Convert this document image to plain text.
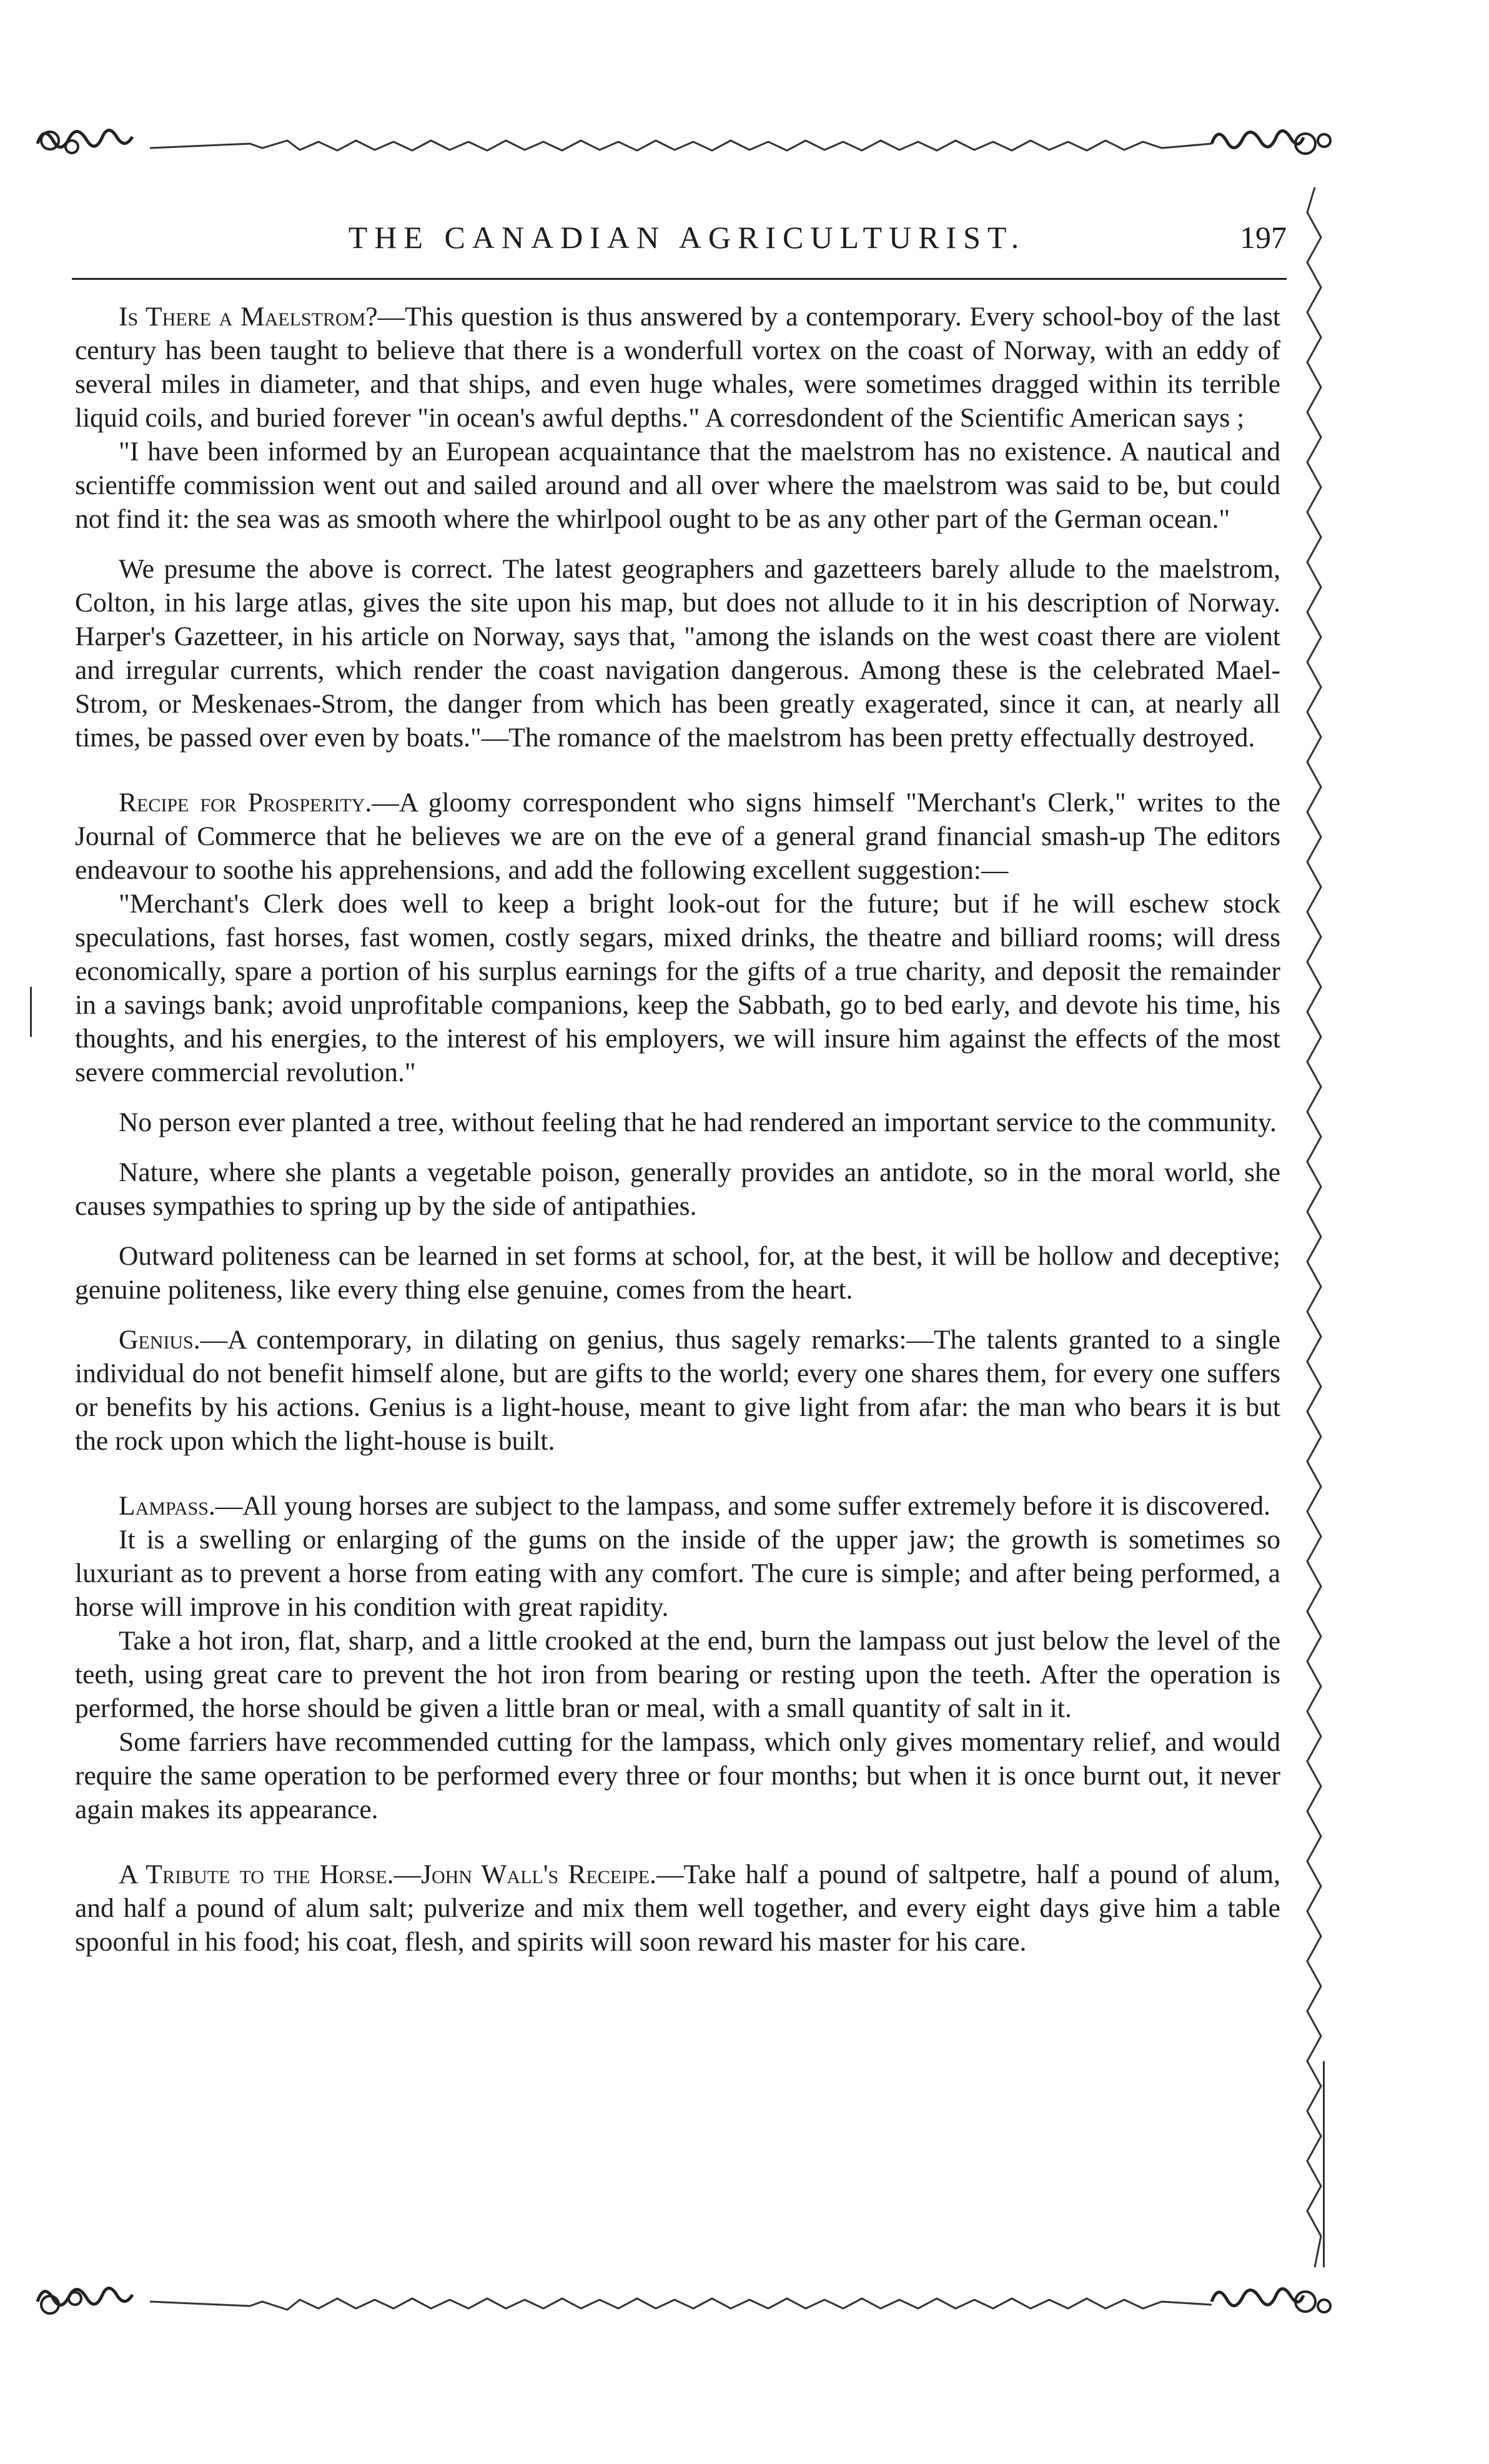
THE CANADIAN AGRICULTURIST.	197

Is There a Maelstrom?—This question is thus answered by a contemporary. Every school-boy of the last century has been taught to believe that there is a wonderfull vortex on the coast of Norway, with an eddy of several miles in diameter, and that ships, and even huge whales, were sometimes dragged within its terrible liquid coils, and buried forever "in ocean's awful depths." A corresdondent of the Scientific American says ;

"I have been informed by an European acquaintance that the maelstrom has no existence. A nautical and scientiffe commission went out and sailed around and all over where the maelstrom was said to be, but could not find it: the sea was as smooth where the whirlpool ought to be as any other part of the German ocean."

We presume the above is correct. The latest geographers and gazetteers barely allude to the maelstrom, Colton, in his large atlas, gives the site upon his map, but does not allude to it in his description of Norway. Harper's Gazetteer, in his article on Norway, says that, "among the islands on the west coast there are violent and irregular currents, which render the coast navigation dangerous. Among these is the celebrated Mael-Strom, or Meskenaes-Strom, the danger from which has been greatly exagerated, since it can, at nearly all times, be passed over even by boats."—The romance of the maelstrom has been pretty effectually destroyed.

Recipe for Prosperity.—A gloomy correspondent who signs himself "Merchant's Clerk," writes to the Journal of Commerce that he believes we are on the eve of a general grand financial smash-up The editors endeavour to soothe his apprehensions, and add the following excellent suggestion:—

"Merchant's Clerk does well to keep a bright look-out for the future; but if he will eschew stock speculations, fast horses, fast women, costly segars, mixed drinks, the theatre and billiard rooms; will dress economically, spare a portion of his surplus earnings for the gifts of a true charity, and deposit the remainder in a savings bank; avoid unprofitable companions, keep the Sabbath, go to bed early, and devote his time, his thoughts, and his energies, to the interest of his employers, we will insure him against the effects of the most severe commercial revolution."

No person ever planted a tree, without feeling that he had rendered an important service to the community.

Nature, where she plants a vegetable poison, generally provides an antidote, so in the moral world, she causes sympathies to spring up by the side of antipathies.

Outward politeness can be learned in set forms at school, for, at the best, it will be hollow and deceptive; genuine politeness, like every thing else genuine, comes from the heart.

Genius.—A contemporary, in dilating on genius, thus sagely remarks:—The talents granted to a single individual do not benefit himself alone, but are gifts to the world; every one shares them, for every one suffers or benefits by his actions. Genius is a light-house, meant to give light from afar: the man who bears it is but the rock upon which the light-house is built.

Lampass.—All young horses are subject to the lampass, and some suffer extremely before it is discovered.

It is a swelling or enlarging of the gums on the inside of the upper jaw; the growth is sometimes so luxuriant as to prevent a horse from eating with any comfort. The cure is simple; and after being performed, a horse will improve in his condition with great rapidity.

Take a hot iron, flat, sharp, and a little crooked at the end, burn the lampass out just below the level of the teeth, using great care to prevent the hot iron from bearing or resting upon the teeth. After the operation is performed, the horse should be given a little bran or meal, with a small quantity of salt in it.

Some farriers have recommended cutting for the lampass, which only gives momentary relief, and would require the same operation to be performed every three or four months; but when it is once burnt out, it never again makes its appearance.

A Tribute to the Horse.—John Wall's Receipe.—Take half a pound of saltpetre, half a pound of alum, and half a pound of alum salt; pulverize and mix them well together, and every eight days give him a table spoonful in his food; his coat, flesh, and spirits will soon reward his master for his care.
